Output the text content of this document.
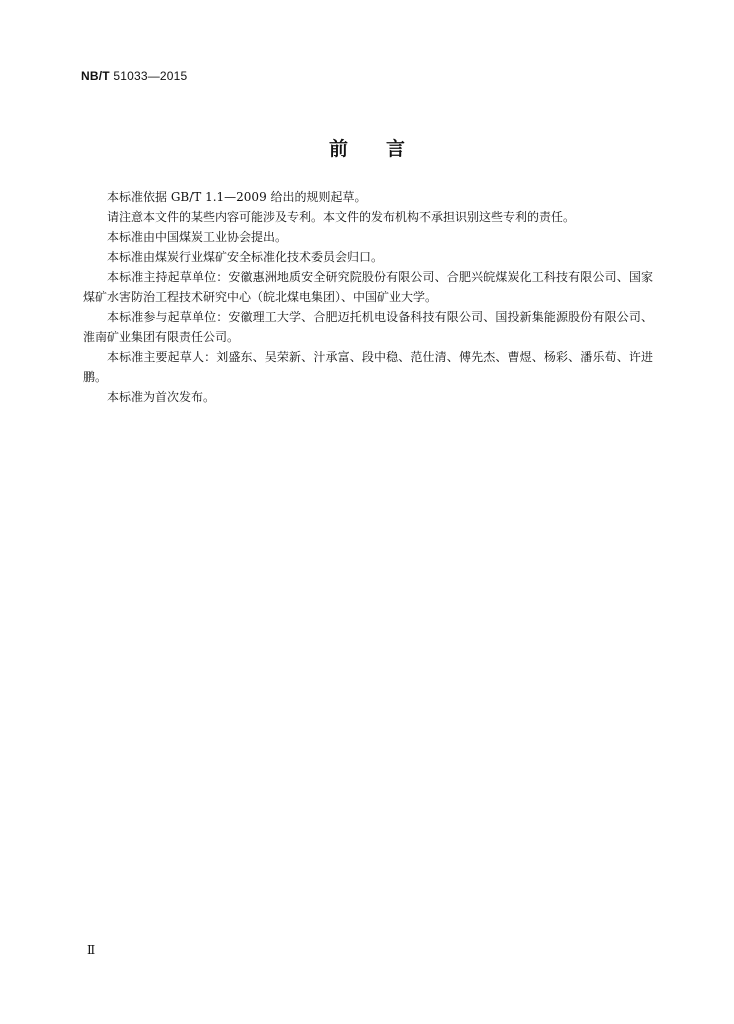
NB/T 51033—2015
前言

本标准依据 GB/T 1.1—2009 给出的规则起草。

请注意本文件的某些内容可能涉及专利。本文件的发布机构不承担识别这些专利的责任。

本标准由中国煤炭工业协会提出。

本标准由煤炭行业煤矿安全标准化技术委员会归口。

本标准主持起草单位：安徽惠洲地质安全研究院股份有限公司、合肥兴皖煤炭化工科技有限公司、国家煤矿水害防治工程技术研究中心（皖北煤电集团）、中国矿业大学。

本标准参与起草单位：安徽理工大学、合肥迈托机电设备科技有限公司、国投新集能源股份有限公司、淮南矿业集团有限责任公司。

本标准主要起草人：刘盛东、吴荣新、汁承富、段中稳、范仕清、傅先杰、曹煜、杨彩、潘乐荀、许进鹏。

本标准为首次发布。

Ⅱ
